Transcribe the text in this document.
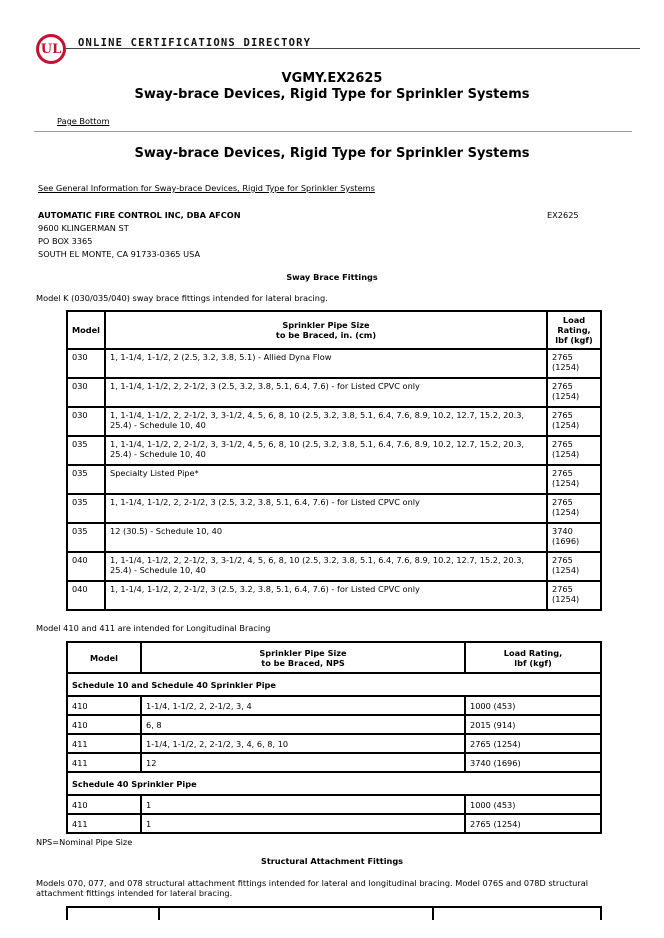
UL	ONLINE CERTIFICATIONS DIRECTORY
VGMY.EX2625
Sway-brace Devices, Rigid Type for Sprinkler Systems
Page Bottom
Sway-brace Devices, Rigid Type for Sprinkler Systems
See General Information for Sway-brace Devices, Rigid Type for Sprinkler Systems
AUTOMATIC FIRE CONTROL INC, DBA AFCON	EX2625
9600 KLINGERMAN ST
PO BOX 3365
SOUTH EL MONTE, CA 91733-0365 USA
Sway Brace Fittings
Model K (030/035/040) sway brace fittings intended for lateral bracing.
Model	Sprinkler Pipe Size
to be Braced, in. (cm)	Load
Rating,
lbf (kgf)
030	1, 1-1/4, 1-1/2, 2 (2.5, 3.2, 3.8, 5.1) - Allied Dyna Flow	2765
(1254)
030	1, 1-1/4, 1-1/2, 2, 2-1/2, 3 (2.5, 3.2, 3.8, 5.1, 6.4, 7.6) - for Listed CPVC only	2765
(1254)
030	1, 1-1/4, 1-1/2, 2, 2-1/2, 3, 3-1/2, 4, 5, 6, 8, 10 (2.5, 3.2, 3.8, 5.1, 6.4, 7.6, 8.9, 10.2, 12.7, 15.2, 20.3, 25.4) - Schedule 10, 40	2765
(1254)
035	1, 1-1/4, 1-1/2, 2, 2-1/2, 3, 3-1/2, 4, 5, 6, 8, 10 (2.5, 3.2, 3.8, 5.1, 6.4, 7.6, 8.9, 10.2, 12.7, 15.2, 20.3, 25.4) - Schedule 10, 40	2765
(1254)
035	Specialty Listed Pipe*	2765
(1254)
035	1, 1-1/4, 1-1/2, 2, 2-1/2, 3 (2.5, 3.2, 3.8, 5.1, 6.4, 7.6) - for Listed CPVC only	2765
(1254)
035	12 (30.5) - Schedule 10, 40	3740
(1696)
040	1, 1-1/4, 1-1/2, 2, 2-1/2, 3, 3-1/2, 4, 5, 6, 8, 10 (2.5, 3.2, 3.8, 5.1, 6.4, 7.6, 8.9, 10.2, 12.7, 15.2, 20.3, 25.4) - Schedule 10, 40	2765
(1254)
040	1, 1-1/4, 1-1/2, 2, 2-1/2, 3 (2.5, 3.2, 3.8, 5.1, 6.4, 7.6) - for Listed CPVC only	2765
(1254)
Model 410 and 411 are intended for Longitudinal Bracing
Model	Sprinkler Pipe Size
to be Braced, NPS	Load Rating,
lbf (kgf)
Schedule 10 and Schedule 40 Sprinkler Pipe		
410	1-1/4, 1-1/2, 2, 2-1/2, 3, 4	1000 (453)
410	6, 8	2015 (914)
411	1-1/4, 1-1/2, 2, 2-1/2, 3, 4, 6, 8, 10	2765 (1254)
411	12	3740 (1696)
Schedule 40 Sprinkler Pipe		
410	1	1000 (453)
411	1	2765 (1254)
NPS=Nominal Pipe Size
Structural Attachment Fittings
Models 070, 077, and 078 structural attachment fittings intended for lateral and longitudinal bracing. Model 076S and 078D structural attachment fittings intended for lateral bracing.
